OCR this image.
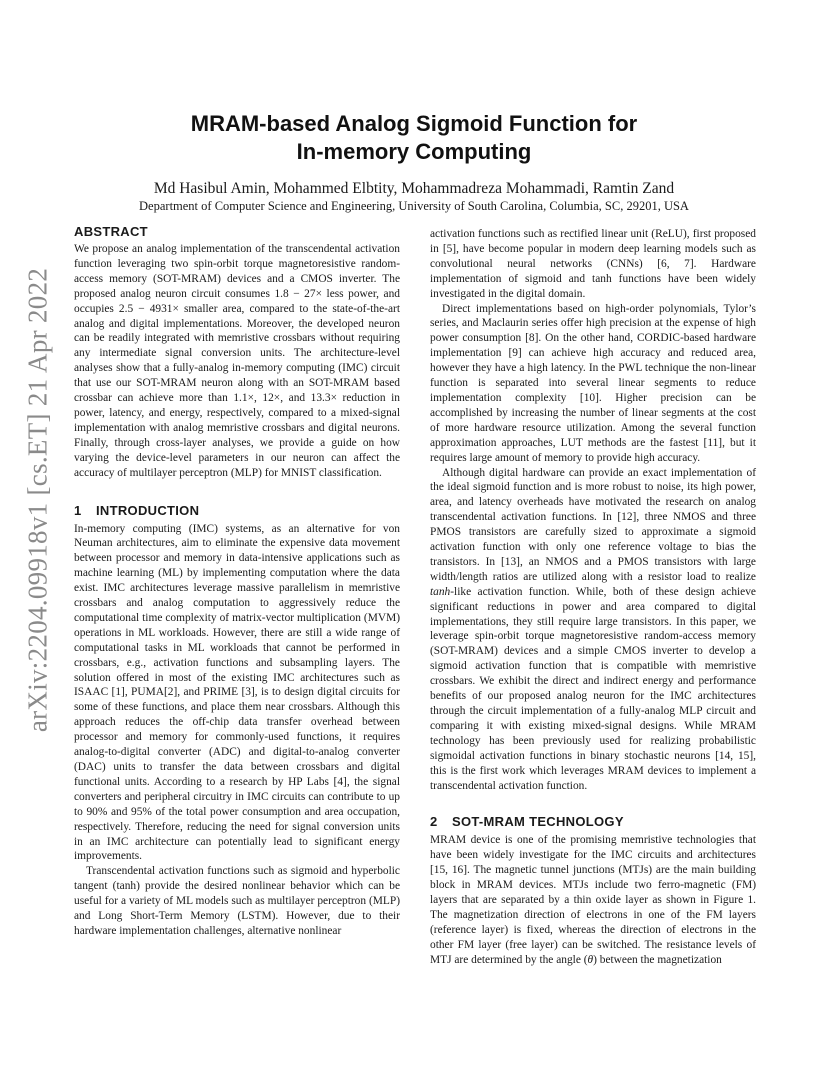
arXiv:2204.09918v1 [cs.ET] 21 Apr 2022
MRAM-based Analog Sigmoid Function for
In-memory Computing
Md Hasibul Amin, Mohammed Elbtity, Mohammadreza Mohammadi, Ramtin Zand
Department of Computer Science and Engineering, University of South Carolina, Columbia, SC, 29201, USA
ABSTRACT

We propose an analog implementation of the transcendental activation function leveraging two spin-orbit torque magnetoresistive random-access memory (SOT-MRAM) devices and a CMOS inverter. The proposed analog neuron circuit consumes 1.8 − 27× less power, and occupies 2.5 − 4931× smaller area, compared to the state-of-the-art analog and digital implementations. Moreover, the developed neuron can be readily integrated with memristive crossbars without requiring any intermediate signal conversion units. The architecture-level analyses show that a fully-analog in-memory computing (IMC) circuit that use our SOT-MRAM neuron along with an SOT-MRAM based crossbar can achieve more than 1.1×, 12×, and 13.3× reduction in power, latency, and energy, respectively, compared to a mixed-signal implementation with analog memristive crossbars and digital neurons. Finally, through cross-layer analyses, we provide a guide on how varying the device-level parameters in our neuron can affect the accuracy of multilayer perceptron (MLP) for MNIST classification.

1 INTRODUCTION

In-memory computing (IMC) systems, as an alternative for von Neuman architectures, aim to eliminate the expensive data movement between processor and memory in data-intensive applications such as machine learning (ML) by implementing computation where the data exist. IMC architectures leverage massive parallelism in memristive crossbars and analog computation to aggressively reduce the computational time complexity of matrix-vector multiplication (MVM) operations in ML workloads. However, there are still a wide range of computational tasks in ML workloads that cannot be performed in crossbars, e.g., activation functions and subsampling layers. The solution offered in most of the existing IMC architectures such as ISAAC [1], PUMA[2], and PRIME [3], is to design digital circuits for some of these functions, and place them near crossbars. Although this approach reduces the off-chip data transfer overhead between processor and memory for commonly-used functions, it requires analog-to-digital converter (ADC) and digital-to-analog converter (DAC) units to transfer the data between crossbars and digital functional units. According to a research by HP Labs [4], the signal converters and peripheral circuitry in IMC circuits can contribute to up to 90% and 95% of the total power consumption and area occupation, respectively. Therefore, reducing the need for signal conversion units in an IMC architecture can potentially lead to significant energy improvements.

Transcendental activation functions such as sigmoid and hyperbolic tangent (tanh) provide the desired nonlinear behavior which can be useful for a variety of ML models such as multilayer perceptron (MLP) and Long Short-Term Memory (LSTM). However, due to their hardware implementation challenges, alternative nonlinear

activation functions such as rectified linear unit (ReLU), first proposed in [5], have become popular in modern deep learning models such as convolutional neural networks (CNNs) [6, 7]. Hardware implementation of sigmoid and tanh functions have been widely investigated in the digital domain.

Direct implementations based on high-order polynomials, Tylor’s series, and Maclaurin series offer high precision at the expense of high power consumption [8]. On the other hand, CORDIC-based hardware implementation [9] can achieve high accuracy and reduced area, however they have a high latency. In the PWL technique the non-linear function is separated into several linear segments to reduce implementation complexity [10]. Higher precision can be accomplished by increasing the number of linear segments at the cost of more hardware resource utilization. Among the several function approximation approaches, LUT methods are the fastest [11], but it requires large amount of memory to provide high accuracy.

Although digital hardware can provide an exact implementation of the ideal sigmoid function and is more robust to noise, its high power, area, and latency overheads have motivated the research on analog transcendental activation functions. In [12], three NMOS and three PMOS transistors are carefully sized to approximate a sigmoid activation function with only one reference voltage to bias the transistors. In [13], an NMOS and a PMOS transistors with large width/length ratios are utilized along with a resistor load to realize tanh-like activation function. While, both of these design achieve significant reductions in power and area compared to digital implementations, they still require large transistors. In this paper, we leverage spin-orbit torque magnetoresistive random-access memory (SOT-MRAM) devices and a simple CMOS inverter to develop a sigmoid activation function that is compatible with memristive crossbars. We exhibit the direct and indirect energy and performance benefits of our proposed analog neuron for the IMC architectures through the circuit implementation of a fully-analog MLP circuit and comparing it with existing mixed-signal designs. While MRAM technology has been previously used for realizing probabilistic sigmoidal activation functions in binary stochastic neurons [14, 15], this is the first work which leverages MRAM devices to implement a transcendental activation function.

2 SOT-MRAM TECHNOLOGY

MRAM device is one of the promising memristive technologies that have been widely investigate for the IMC circuits and architectures [15, 16]. The magnetic tunnel junctions (MTJs) are the main building block in MRAM devices. MTJs include two ferro-magnetic (FM) layers that are separated by a thin oxide layer as shown in Figure 1. The magnetization direction of electrons in one of the FM layers (reference layer) is fixed, whereas the direction of electrons in the other FM layer (free layer) can be switched. The resistance levels of MTJ are determined by the angle (θ) between the magnetization
